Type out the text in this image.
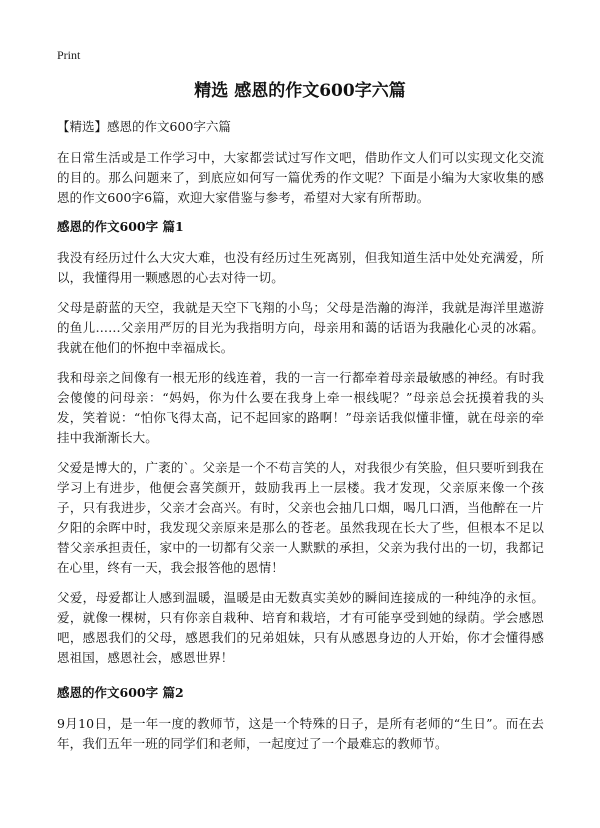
Print
精选 感恩的作文600字六篇
【精选】感恩的作文600字六篇

在日常生活或是工作学习中，大家都尝试过写作文吧，借助作文人们可以实现文化交流的目的。那么问题来了，到底应如何写一篇优秀的作文呢？下面是小编为大家收集的感恩的作文600字6篇，欢迎大家借鉴与参考，希望对大家有所帮助。

感恩的作文600字 篇1

我没有经历过什么大灾大难，也没有经历过生死离别，但我知道生活中处处充满爱，所以，我懂得用一颗感恩的心去对待一切。

父母是蔚蓝的天空，我就是天空下飞翔的小鸟；父母是浩瀚的海洋，我就是海洋里遨游的鱼儿……父亲用严厉的目光为我指明方向，母亲用和蔼的话语为我融化心灵的冰霜。我就在他们的怀抱中幸福成长。

我和母亲之间像有一根无形的线连着，我的一言一行都牵着母亲最敏感的神经。有时我会傻傻的问母亲：“妈妈，你为什么要在我身上牵一根线呢？”母亲总会抚摸着我的头发，笑着说：“怕你飞得太高，记不起回家的路啊！”母亲话我似懂非懂，就在母亲的牵挂中我渐渐长大。

父爱是博大的，广袤的`。父亲是一个不苟言笑的人，对我很少有笑脸，但只要听到我在学习上有进步，他便会喜笑颜开，鼓励我再上一层楼。我才发现，父亲原来像一个孩子，只有我进步，父亲才会高兴。有时，父亲也会抽几口烟，喝几口酒，当他醉在一片夕阳的余晖中时，我发现父亲原来是那么的苍老。虽然我现在长大了些，但根本不足以替父亲承担责任，家中的一切都有父亲一人默默的承担，父亲为我付出的一切，我都记在心里，终有一天，我会报答他的恩情！

父爱，母爱都让人感到温暖，温暖是由无数真实美妙的瞬间连接成的一种纯净的永恒。爱，就像一棵树，只有你亲自栽种、培育和栽培，才有可能享受到她的绿荫。学会感恩吧，感恩我们的父母，感恩我们的兄弟姐妹，只有从感恩身边的人开始，你才会懂得感恩祖国，感恩社会，感恩世界！

感恩的作文600字 篇2

9月10日，是一年一度的教师节，这是一个特殊的日子，是所有老师的“生日”。而在去年，我们五年一班的同学们和老师，一起度过了一个最难忘的教师节。
